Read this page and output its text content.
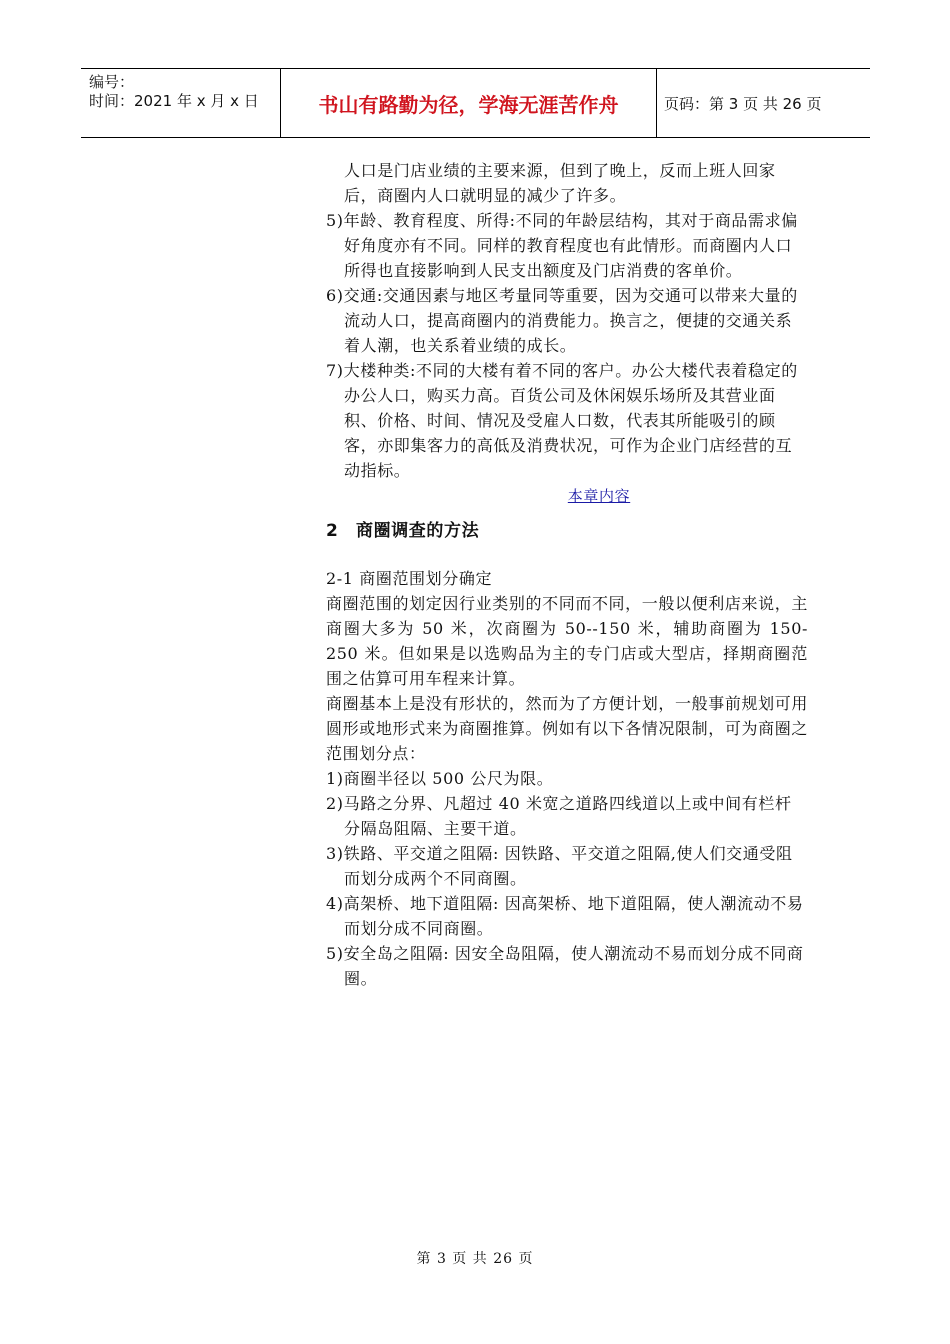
编号：
时间：2021 年 x 月 x 日	书山有路勤为径，学海无涯苦作舟	页码：第 3 页 共 26 页

人口是门店业绩的主要来源，但到了晚上，反而上班人回家后，商圈内人口就明显的减少了许多。

5)年龄、教育程度、所得:不同的年龄层结构，其对于商品需求偏好角度亦有不同。同样的教育程度也有此情形。而商圈内人口所得也直接影响到人民支出额度及门店消费的客单价。

6)交通:交通因素与地区考量同等重要，因为交通可以带来大量的流动人口，提高商圈内的消费能力。换言之，便捷的交通关系着人潮，也关系着业绩的成长。

7)大楼种类:不同的大楼有着不同的客户。办公大楼代表着稳定的办公人口，购买力高。百货公司及休闲娱乐场所及其营业面积、价格、时间、情况及受雇人口数，代表其所能吸引的顾客，亦即集客力的高低及消费状况，可作为企业门店经营的互动指标。

本章内容

2 商圈调查的方法

2-1 商圈范围划分确定

商圈范围的划定因行业类别的不同而不同，一般以便利店来说，主商圈大多为 50 米，次商圈为 50--150 米，辅助商圈为 150-250 米。但如果是以选购品为主的专门店或大型店，择期商圈范围之估算可用车程来计算。

商圈基本上是没有形状的，然而为了方便计划，一般事前规划可用圆形或地形式来为商圈推算。例如有以下各情况限制，可为商圈之范围划分点：

1)商圈半径以 500 公尺为限。

2)马路之分界、凡超过 40 米宽之道路四线道以上或中间有栏杆分隔岛阻隔、主要干道。

3)铁路、平交道之阻隔: 因铁路、平交道之阻隔,使人们交通受阻而划分成两个不同商圈。

4)高架桥、地下道阻隔: 因高架桥、地下道阻隔，使人潮流动不易而划分成不同商圈。

5)安全岛之阻隔: 因安全岛阻隔，使人潮流动不易而划分成不同商圈。

第 3 页 共 26 页
